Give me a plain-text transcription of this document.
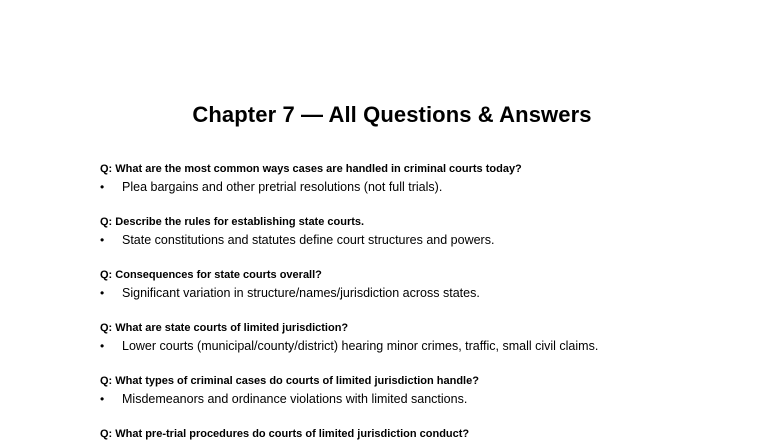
Chapter 7 — All Questions & Answers
Q: What are the most common ways cases are handled in criminal courts today?
• Plea bargains and other pretrial resolutions (not full trials).
Q: Describe the rules for establishing state courts.
• State constitutions and statutes define court structures and powers.
Q: Consequences for state courts overall?
• Significant variation in structure/names/jurisdiction across states.
Q: What are state courts of limited jurisdiction?
• Lower courts (municipal/county/district) hearing minor crimes, traffic, small civil claims.
Q: What types of criminal cases do courts of limited jurisdiction handle?
• Misdemeanors and ordinance violations with limited sanctions.
Q: What pre-trial procedures do courts of limited jurisdiction conduct?
